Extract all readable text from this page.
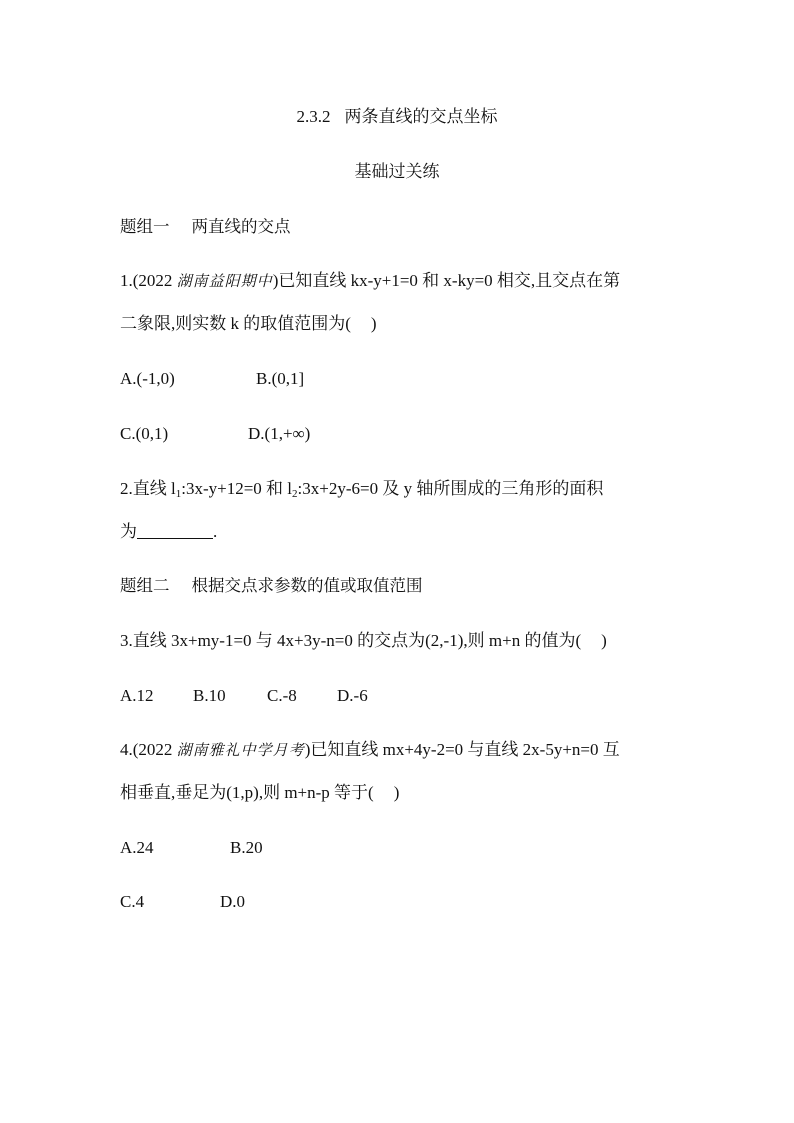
2.3.2 两条直线的交点坐标
基础过关练
题组一 两直线的交点
1.(2022 湖南益阳期中)已知直线 kx-y+1=0 和 x-ky=0 相交,且交点在第
二象限,则实数 k 的取值范围为( )
A.(-1,0)	B.(0,1]
C.(0,1)	D.(1,+∞)
2.直线 $l_1:3x-y+12=0$ 和 $l_2:3x+2y-6=0$ 及 y 轴所围成的三角形的面积
为	.
题组二 根据交点求参数的值或取值范围
3.直线 3x+my-1=0 与 4x+3y-n=0 的交点为(2,-1),则 m+n 的值为( )
A.12 B.10 C.-8 D.-6
4.(2022 湖南雅礼中学月考)已知直线 mx+4y-2=0 与直线 2x-5y+n=0 互
相垂直,垂足为(1,p),则 m+n-p 等于( )
A.24	B.20
C.4	D.0
